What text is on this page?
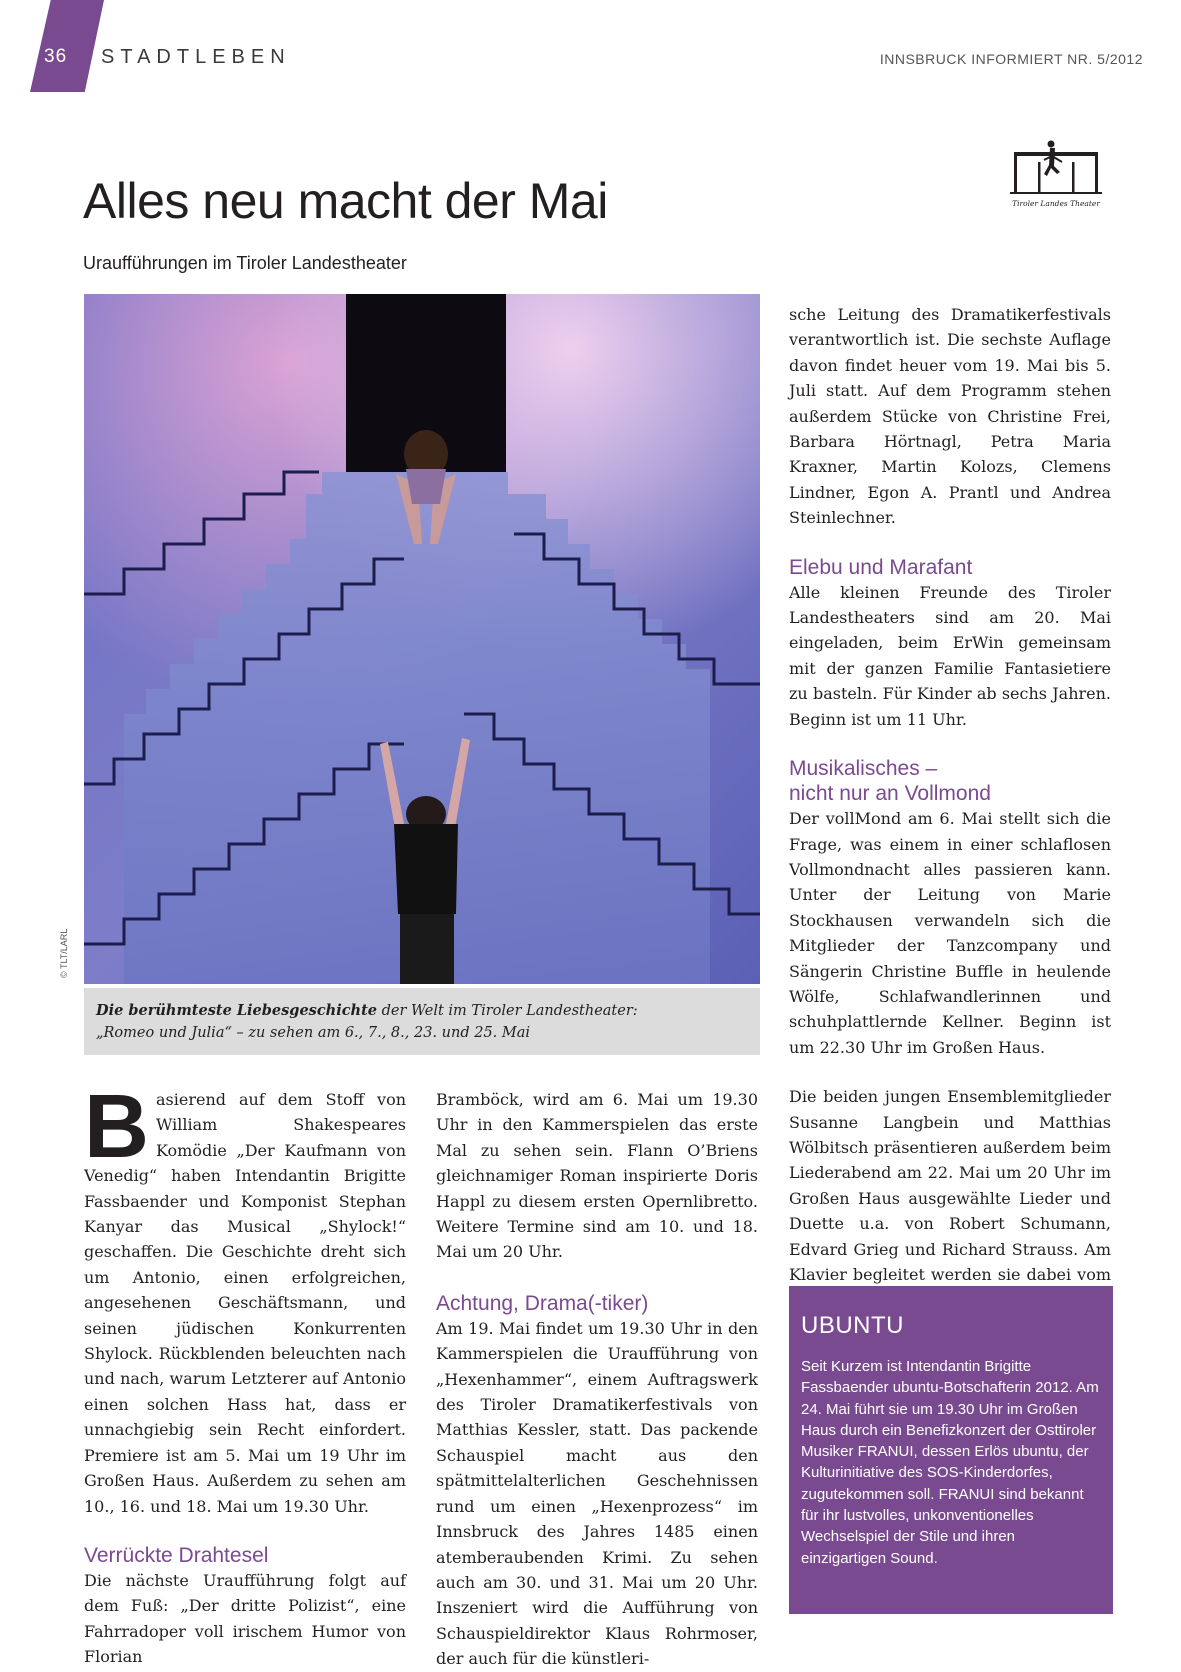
36 STADTLEBEN	INNSBRUCK INFORMIERT NR. 5/2012
Alles neu macht der Mai
Uraufführungen im Tiroler Landestheater
Tiroler Landes Theater
© TLT/LARL
Die berühmteste Liebesgeschichte der Welt im Tiroler Landestheater:
„Romeo und Julia“ – zu sehen am 6., 7., 8., 23. und 25. Mai

Basierend auf dem Stoff von William Shakespeares Komödie „Der Kaufmann von Venedig“ haben Intendantin Brigitte Fassbaender und Komponist Stephan Kanyar das Musical „Shylock!“ geschaffen. Die Geschichte dreht sich um Antonio, einen erfolgreichen, angesehenen Geschäftsmann, und seinen jüdischen Konkurrenten Shylock. Rückblenden beleuchten nach und nach, warum Letzterer auf Antonio einen solchen Hass hat, dass er unnachgiebig sein Recht einfordert. Premiere ist am 5. Mai um 19 Uhr im Großen Haus. Außerdem zu sehen am 10., 16. und 18. Mai um 19.30 Uhr.

Verrückte Drahtesel

Die nächste Uraufführung folgt auf dem Fuß: „Der dritte Polizist“, eine Fahrradoper voll irischem Humor von Florian

Bramböck, wird am 6. Mai um 19.30 Uhr in den Kammerspielen das erste Mal zu sehen sein. Flann O’Briens gleichnamiger Roman inspirierte Doris Happl zu diesem ersten Opernlibretto. Weitere Termine sind am 10. und 18. Mai um 20 Uhr.

Achtung, Drama(-tiker)

Am 19. Mai findet um 19.30 Uhr in den Kammerspielen die Uraufführung von „Hexenhammer“, einem Auftragswerk des Tiroler Dramatikerfestivals von Matthias Kessler, statt. Das packende Schauspiel macht aus den spätmittelalterlichen Geschehnissen rund um einen „Hexenprozess“ im Innsbruck des Jahres 1485 einen atemberaubenden Krimi. Zu sehen auch am 30. und 31. Mai um 20 Uhr. Inszeniert wird die Aufführung von Schauspieldirektor Klaus Rohrmoser, der auch für die künstleri-

sche Leitung des Dramatikerfestivals verantwortlich ist. Die sechste Auflage davon findet heuer vom 19. Mai bis 5. Juli statt. Auf dem Programm stehen außerdem Stücke von Christine Frei, Barbara Hörtnagl, Petra Maria Kraxner, Martin Kolozs, Clemens Lindner, Egon A. Prantl und Andrea Steinlechner.

Elebu und Marafant

Alle kleinen Freunde des Tiroler Landestheaters sind am 20. Mai eingeladen, beim ErWin gemeinsam mit der ganzen Familie Fantasietiere zu basteln. Für Kinder ab sechs Jahren. Beginn ist um 11 Uhr.

Musikalisches –
nicht nur an Vollmond

Der vollMond am 6. Mai stellt sich die Frage, was einem in einer schlaflosen Vollmondnacht alles passieren kann. Unter der Leitung von Marie Stockhausen verwandeln sich die Mitglieder der Tanzcompany und Sängerin Christine Buffle in heulende Wölfe, Schlafwandlerinnen und schuhplattlernde Kellner. Beginn ist um 22.30 Uhr im Großen Haus.

Die beiden jungen Ensemblemitglieder Susanne Langbein und Matthias Wölbitsch präsentieren außerdem beim Liederabend am 22. Mai um 20 Uhr im Großen Haus ausgewählte Lieder und Duette u.a. von Robert Schumann, Edvard Grieg und Richard Strauss. Am Klavier begleitet werden sie dabei vom

UBUNTU

Seit Kurzem ist Intendantin Brigitte Fassbaender ubuntu-Botschafterin 2012. Am 24. Mai führt sie um 19.30 Uhr im Großen Haus durch ein Benefizkonzert der Osttiroler Musiker FRANUI, dessen Erlös ubuntu, der Kulturinitiative des SOS-Kinderdorfes, zugutekommen soll. FRANUI sind bekannt für ihr lustvolles, unkonventionelles Wechselspiel der Stile und ihren einzigartigen Sound.
